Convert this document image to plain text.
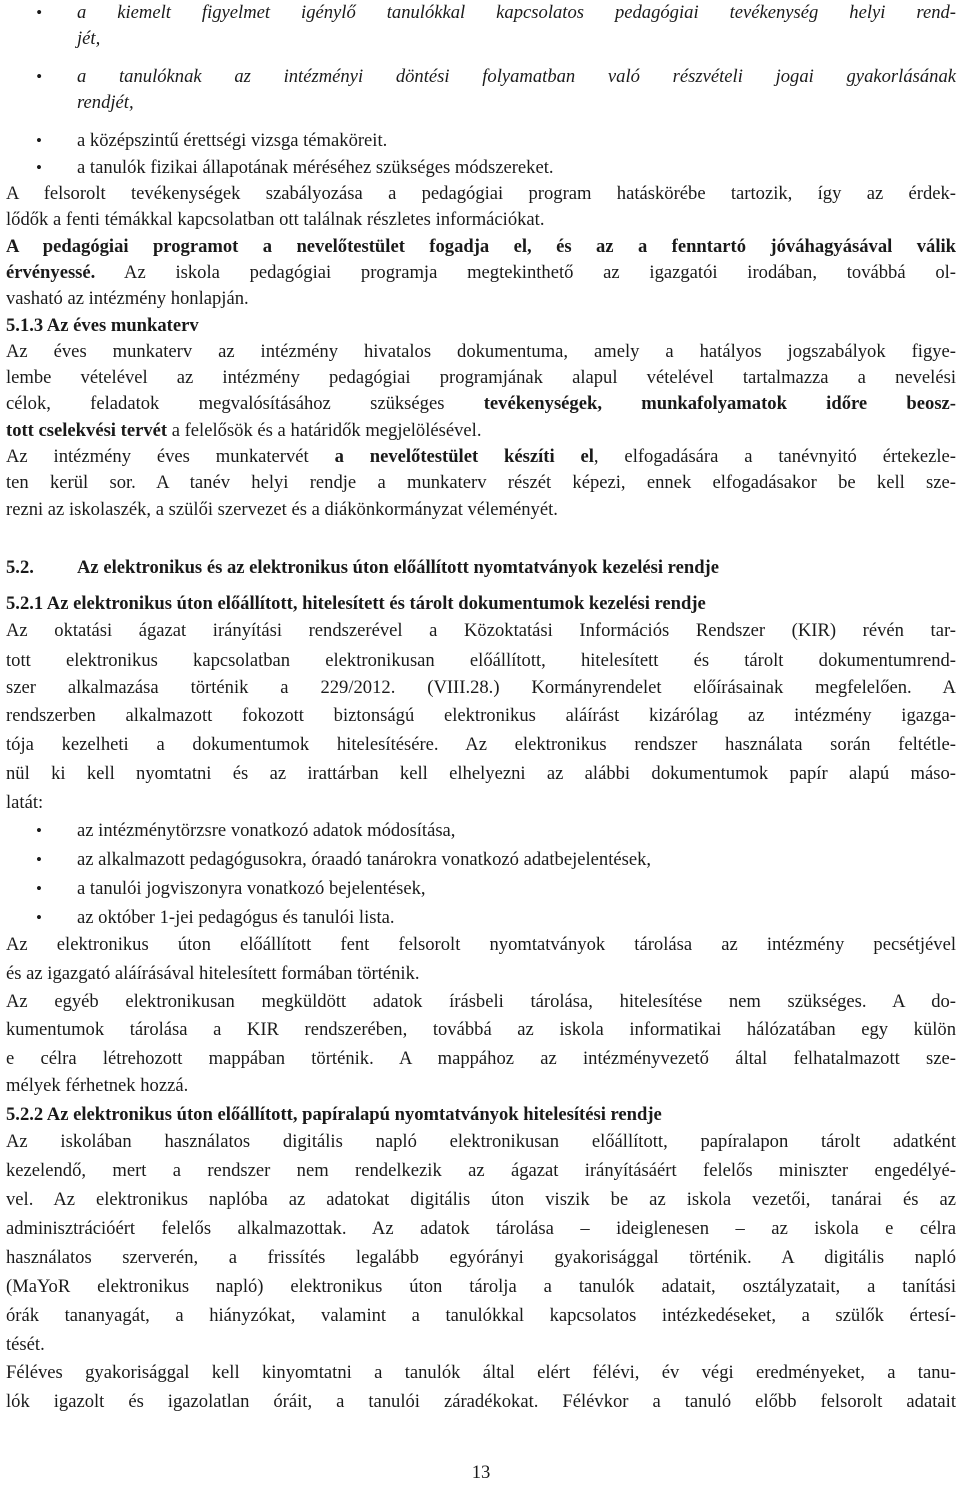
• a kiemelt figyelmet igénylő tanulókkal kapcsolatos pedagógiai tevékenység helyi rend-
jét,
• a tanulóknak az intézményi döntési folyamatban való részvételi jogai gyakorlásának
rendjét,
• a középszintű érettségi vizsga témaköreit.
• a tanulók fizikai állapotának méréséhez szükséges módszereket.
A felsorolt tevékenységek szabályozása a pedagógiai program hatáskörébe tartozik, így az érdek-
lődők a fenti témákkal kapcsolatban ott találnak részletes információkat.
A pedagógiai programot a nevelőtestület fogadja el, és az a fenntartó jóváhagyásával válik
érvényessé. Az iskola pedagógiai programja megtekinthető az igazgatói irodában, továbbá ol-
vasható az intézmény honlapján.
5.1.3 Az éves munkaterv
Az éves munkaterv az intézmény hivatalos dokumentuma, amely a hatályos jogszabályok figye-
lembe vételével az intézmény pedagógiai programjának alapul vételével tartalmazza a nevelési
célok, feladatok megvalósításához szükséges tevékenységek, munkafolyamatok időre beosz-
tott cselekvési tervét a felelősök és a határidők megjelölésével.
Az intézmény éves munkatervét a nevelőtestület készíti el, elfogadására a tanévnyitó értekezle-
ten kerül sor. A tanév helyi rendje a munkaterv részét képezi, ennek elfogadásakor be kell sze-
rezni az iskolaszék, a szülői szervezet és a diákönkormányzat véleményét.
5.2. Az elektronikus és az elektronikus úton előállított nyomtatványok kezelési rendje
5.2.1 Az elektronikus úton előállított, hitelesített és tárolt dokumentumok kezelési rendje
Az oktatási ágazat irányítási rendszerével a Közoktatási Információs Rendszer (KIR) révén tar-
tott elektronikus kapcsolatban elektronikusan előállított, hitelesített és tárolt dokumentumrend-
szer alkalmazása történik a 229/2012. (VIII.28.) Kormányrendelet előírásainak megfelelően. A
rendszerben alkalmazott fokozott biztonságú elektronikus aláírást kizárólag az intézmény igazga-
tója kezelheti a dokumentumok hitelesítésére. Az elektronikus rendszer használata során feltétle-
nül ki kell nyomtatni és az irattárban kell elhelyezni az alábbi dokumentumok papír alapú máso-
latát:
• az intézménytörzsre vonatkozó adatok módosítása,
• az alkalmazott pedagógusokra, óraadó tanárokra vonatkozó adatbejelentések,
• a tanulói jogviszonyra vonatkozó bejelentések,
• az október 1-jei pedagógus és tanulói lista.
Az elektronikus úton előállított fent felsorolt nyomtatványok tárolása az intézmény pecsétjével
és az igazgató aláírásával hitelesített formában történik.
Az egyéb elektronikusan megküldött adatok írásbeli tárolása, hitelesítése nem szükséges. A do-
kumentumok tárolása a KIR rendszerében, továbbá az iskola informatikai hálózatában egy külön
e célra létrehozott mappában történik. A mappához az intézményvezető által felhatalmazott sze-
mélyek férhetnek hozzá.
5.2.2 Az elektronikus úton előállított, papíralapú nyomtatványok hitelesítési rendje
Az iskolában használatos digitális napló elektronikusan előállított, papíralapon tárolt adatként
kezelendő, mert a rendszer nem rendelkezik az ágazat irányításáért felelős miniszter engedélyé-
vel. Az elektronikus naplóba az adatokat digitális úton viszik be az iskola vezetői, tanárai és az
adminisztrációért felelős alkalmazottak. Az adatok tárolása – ideiglenesen – az iskola e célra
használatos szerverén, a frissítés legalább egyórányi gyakorisággal történik. A digitális napló
(MaYoR elektronikus napló) elektronikus úton tárolja a tanulók adatait, osztályzatait, a tanítási
órák tananyagát, a hiányzókat, valamint a tanulókkal kapcsolatos intézkedéseket, a szülők értesí-
tését.
Féléves gyakorisággal kell kinyomtatni a tanulók által elért félévi, év végi eredményeket, a tanu-
lók igazolt és igazolatlan óráit, a tanulói záradékokat. Félévkor a tanuló előbb felsorolt adatait
13
